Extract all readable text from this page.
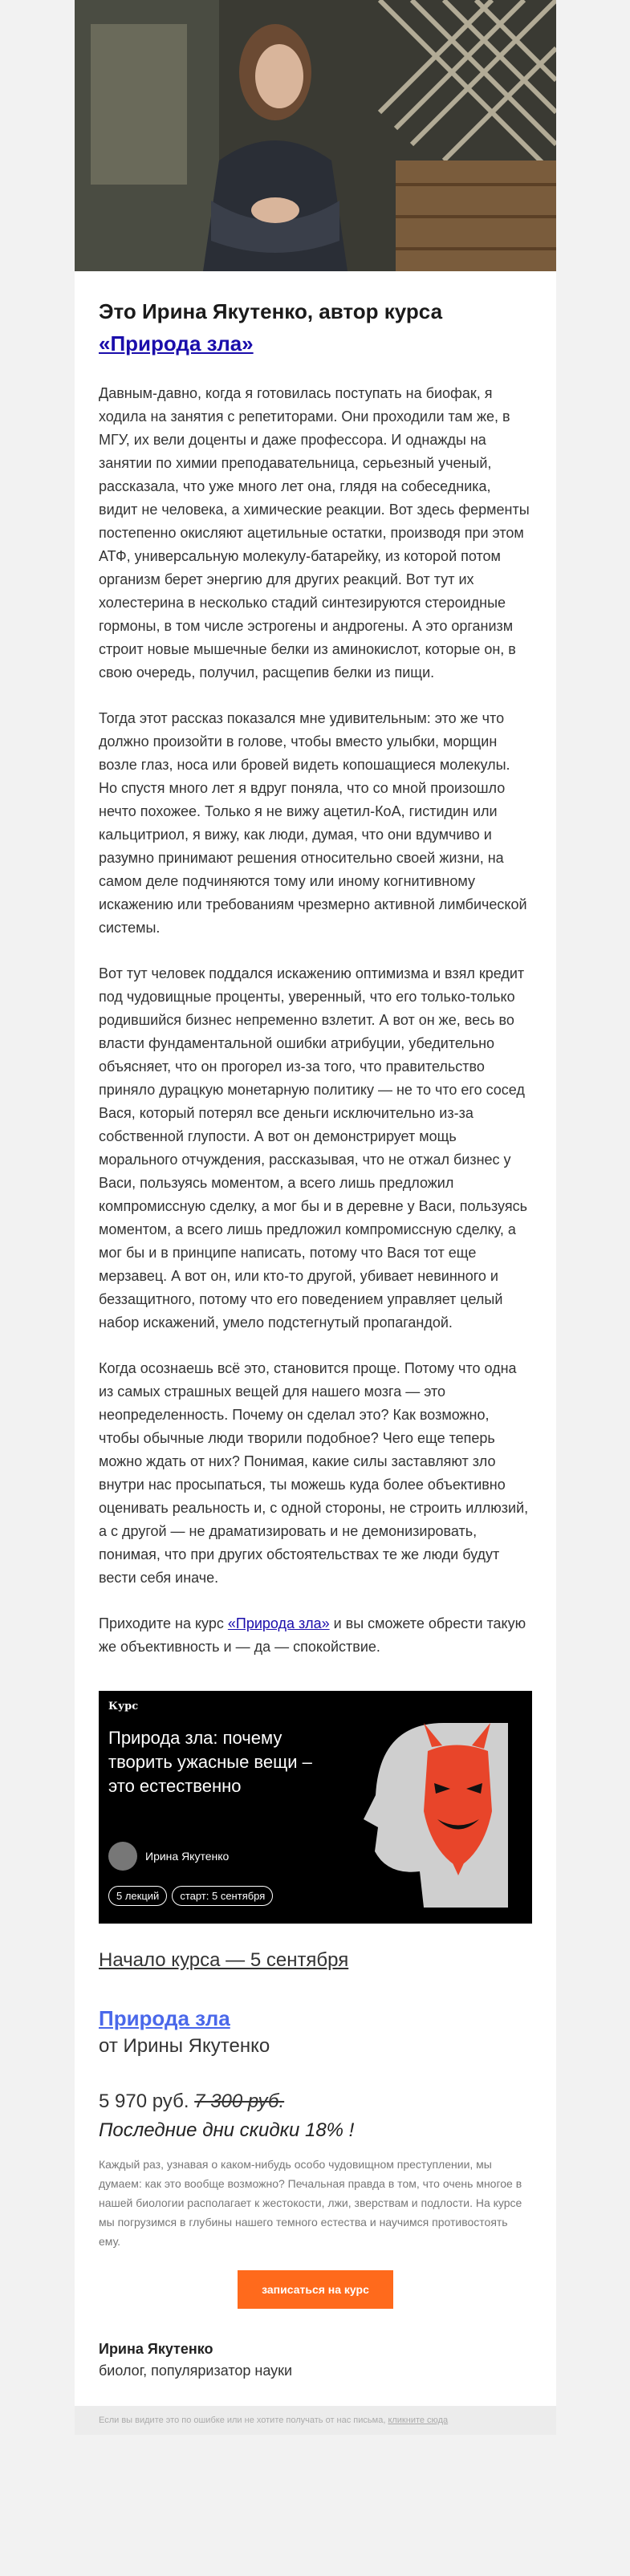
Это Ирина Якутенко, автор курса
«Природа зла»

Давным-давно, когда я готовилась поступать на биофак, я ходила на занятия с репетиторами. Они проходили там же, в МГУ, их вели доценты и даже профессора. И однажды на занятии по химии преподавательница, серьезный ученый, рассказала, что уже много лет она, глядя на собеседника, видит не человека, а химические реакции. Вот здесь ферменты постепенно окисляют ацетильные остатки, производя при этом АТФ, универсальную молекулу-батарейку, из которой потом организм берет энергию для других реакций. Вот тут их холестерина в несколько стадий синтезируются стероидные гормоны, в том числе эстрогены и андрогены. А это организм строит новые мышечные белки из аминокислот, которые он, в свою очередь, получил, расщепив белки из пищи.

Тогда этот рассказ показался мне удивительным: это же что должно произойти в голове, чтобы вместо улыбки, морщин возле глаз, носа или бровей видеть копошащиеся молекулы. Но спустя много лет я вдруг поняла, что со мной произошло нечто похожее. Только я не вижу ацетил-КоА, гистидин или кальцитриол, я вижу, как люди, думая, что они вдумчиво и разумно принимают решения относительно своей жизни, на самом деле подчиняются тому или иному когнитивному искажению или требованиям чрезмерно активной лимбической системы.

Вот тут человек поддался искажению оптимизма и взял кредит под чудовищные проценты, уверенный, что его только-только родившийся бизнес непременно взлетит. А вот он же, весь во власти фундаментальной ошибки атрибуции, убедительно объясняет, что он прогорел из-за того, что правительство приняло дурацкую монетарную политику — не то что его сосед Вася, который потерял все деньги исключительно из-за собственной глупости. А вот он демонстрирует мощь морального отчуждения, рассказывая, что не отжал бизнес у Васи, пользуясь моментом, а всего лишь предложил компромиссную сделку, а мог бы и в деревне у Васи, пользуясь моментом, а всего лишь предложил компромиссную сделку, а мог бы и в принципе написать, потому что Вася тот еще мерзавец. А вот он, или кто-то другой, убивает невинного и беззащитного, потому что его поведением управляет целый набор искажений, умело подстегнутый пропагандой.

Когда осознаешь всё это, становится проще. Потому что одна из самых страшных вещей для нашего мозга — это неопределенность. Почему он сделал это? Как возможно, чтобы обычные люди творили подобное? Чего еще теперь можно ждать от них? Понимая, какие силы заставляют зло внутри нас просыпаться, ты можешь куда более объективно оценивать реальность и, с одной стороны, не строить иллюзий, а с другой — не драматизировать и не демонизировать, понимая, что при других обстоятельствах те же люди будут вести себя иначе.

Приходите на курс «Природа зла» и вы сможете обрести такую же объективность и — да — спокойствие.

Курс
Природа зла: почему творить ужасные вещи – это естественно
Ирина Якутенко
5 лекций	старт: 5 сентября
Начало курса — 5 сентября
Природа зла
от Ирины Якутенко
5 970 руб. 7 300 руб.
Последние дни скидки 18% !
Каждый раз, узнавая о каком-нибудь особо чудовищном преступлении, мы думаем: как это вообще возможно? Печальная правда в том, что очень многое в нашей биологии располагает к жестокости, лжи, зверствам и подлости. На курсе мы погрузимся в глубины нашего темного естества и научимся противостоять ему.
записаться на курс
Ирина Якутенко
биолог, популяризатор науки
Если вы видите это по ошибке или не хотите получать от нас письма, кликните сюда
